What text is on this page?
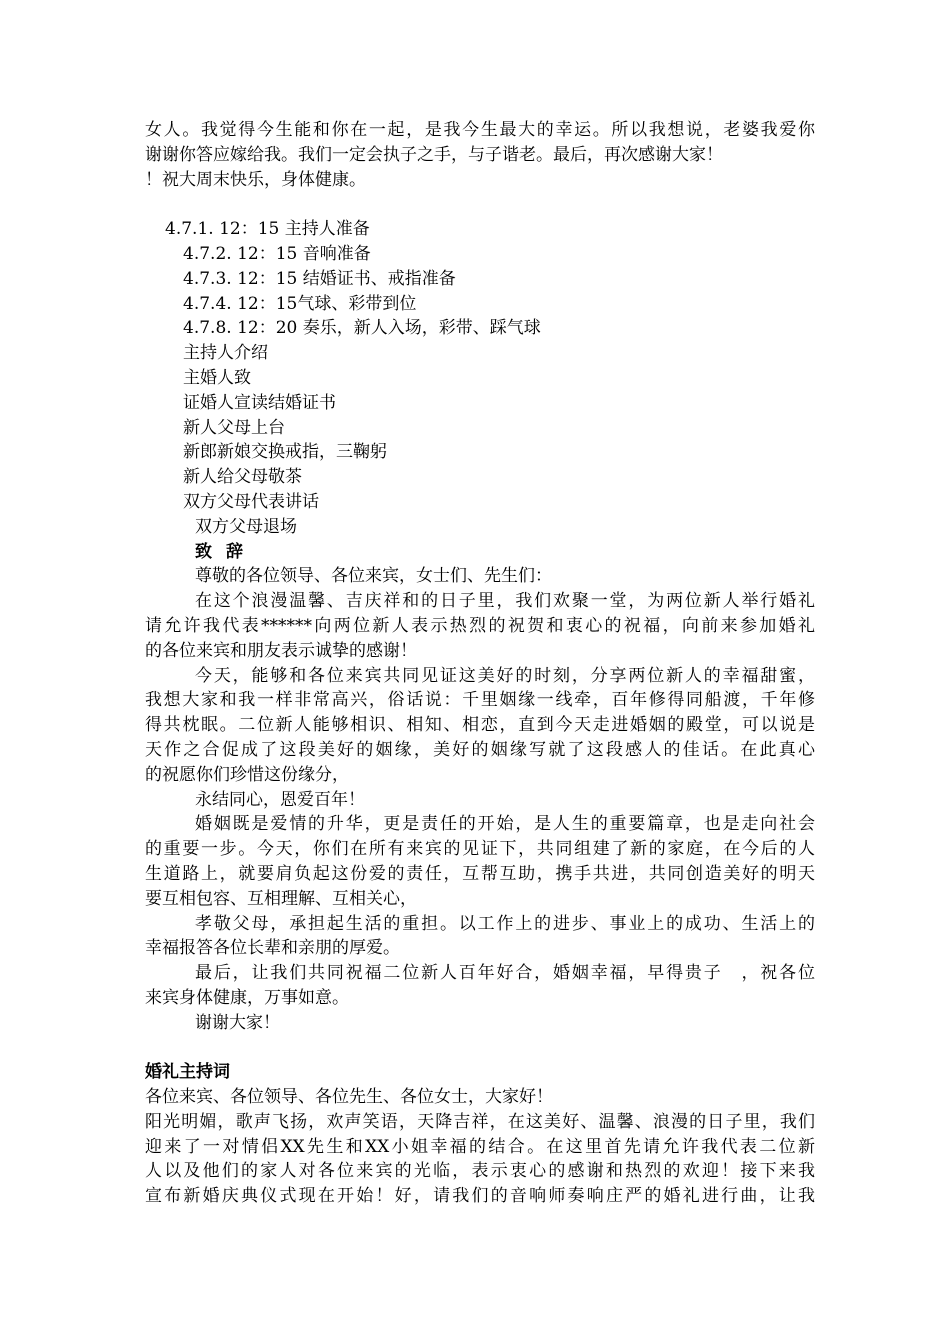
女人。我觉得今生能和你在一起，是我今生最大的幸运。所以我想说，老婆我爱你
谢谢你答应嫁给我。我们一定会执子之手，与子谐老。最后，再次感谢大家！
！祝大周末快乐，身体健康。
4.7.1. 12：15 主持人准备
4.7.2. 12：15 音响准备
4.7.3. 12：15 结婚证书、戒指准备
4.7.4. 12：15气球、彩带到位
4.7.8. 12：20 奏乐，新人入场，彩带、踩气球
主持人介绍
主婚人致
证婚人宣读结婚证书
新人父母上台
新郎新娘交换戒指，三鞠躬
新人给父母敬茶
双方父母代表讲话
双方父母退场
致辞
尊敬的各位领导、各位来宾，女士们、先生们：
在这个浪漫温馨、吉庆祥和的日子里，我们欢聚一堂，为两位新人举行婚礼
请允许我代表******向两位新人表示热烈的祝贺和衷心的祝福，向前来参加婚礼
的各位来宾和朋友表示诚挚的感谢！
今天，能够和各位来宾共同见证这美好的时刻，分享两位新人的幸福甜蜜，
我想大家和我一样非常高兴，俗话说：千里姻缘一线牵，百年修得同船渡，千年修
得共枕眠。二位新人能够相识、相知、相恋，直到今天走进婚姻的殿堂，可以说是
天作之合促成了这段美好的姻缘，美好的姻缘写就了这段感人的佳话。在此真心
的祝愿你们珍惜这份缘分，
永结同心，恩爱百年！
婚姻既是爱情的升华，更是责任的开始，是人生的重要篇章，也是走向社会
的重要一步。今天，你们在所有来宾的见证下，共同组建了新的家庭，在今后的人
生道路上，就要肩负起这份爱的责任，互帮互助，携手共进，共同创造美好的明天
要互相包容、互相理解、互相关心，
孝敬父母，承担起生活的重担。以工作上的进步、事业上的成功、生活上的
幸福报答各位长辈和亲朋的厚爱。
最后，让我们共同祝福二位新人百年好合，婚姻幸福，早得贵子　，祝各位
来宾身体健康，万事如意。
谢谢大家！
婚礼主持词
各位来宾、各位领导、各位先生、各位女士，大家好！
阳光明媚，歌声飞扬，欢声笑语，天降吉祥，在这美好、温馨、浪漫的日子里，我们
迎来了一对情侣XX先生和XX小姐幸福的结合。在这里首先请允许我代表二位新
人以及他们的家人对各位来宾的光临，表示衷心的感谢和热烈的欢迎！接下来我
宣布新婚庆典仪式现在开始！好，请我们的音响师奏响庄严的婚礼进行曲，让我
